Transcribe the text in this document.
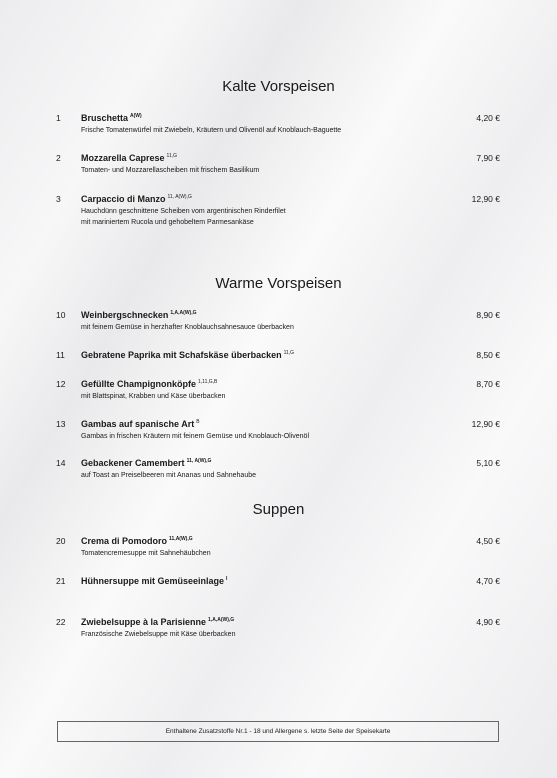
Kalte Vorspeisen
1 Bruschetta $^{A(W)}$
Frische Tomatenwürfel mit Zwiebeln, Kräutern und Olivenöl auf Knoblauch-Baguette
4,20 €
2 Mozzarella Caprese $^{11,G}$
Tomaten- und Mozzarellascheiben mit frischem Basilikum
7,90 €
3 Carpaccio di Manzo $^{11, A(W),G}$
Hauchdünn geschnittene Scheiben vom argentinischen Rinderfilet
mit mariniertem Rucola und gehobeltem Parmesankäse
12,90 €
Warme Vorspeisen
10 Weinbergschnecken $^{1,A,A(W),G}$
mit feinem Gemüse in herzhafter Knoblauchsahnesauce überbacken
8,90 €
11 Gebratene Paprika mit Schafskäse überbacken $^{11,G}$	8,50 €
12 Gefüllte Champignonköpfe $^{1,11,G,B}$
mit Blattspinat, Krabben und Käse überbacken
8,70 €
13 Gambas auf spanische Art $^B$
Gambas in frischen Kräutern mit feinem Gemüse und Knoblauch-Olivenöl
12,90 €
14 Gebackener Camembert $^{11, A(W),G}$
auf Toast an Preiselbeeren mit Ananas und Sahnehaube
5,10 €
Suppen
20 Crema di Pomodoro $^{11,A(W),G}$
Tomatencremesuppe mit Sahnehäubchen
4,50 €
21 Hühnersuppe mit Gemüseeinlage $^I$	4,70 €
22 Zwiebelsuppe à la Parisienne $^{1,A,A(W),G}$
Französische Zwiebelsuppe mit Käse überbacken
4,90 €
Enthaltene Zusatzstoffe Nr.1 - 18 und Allergene s. letzte Seite der Speisekarte
